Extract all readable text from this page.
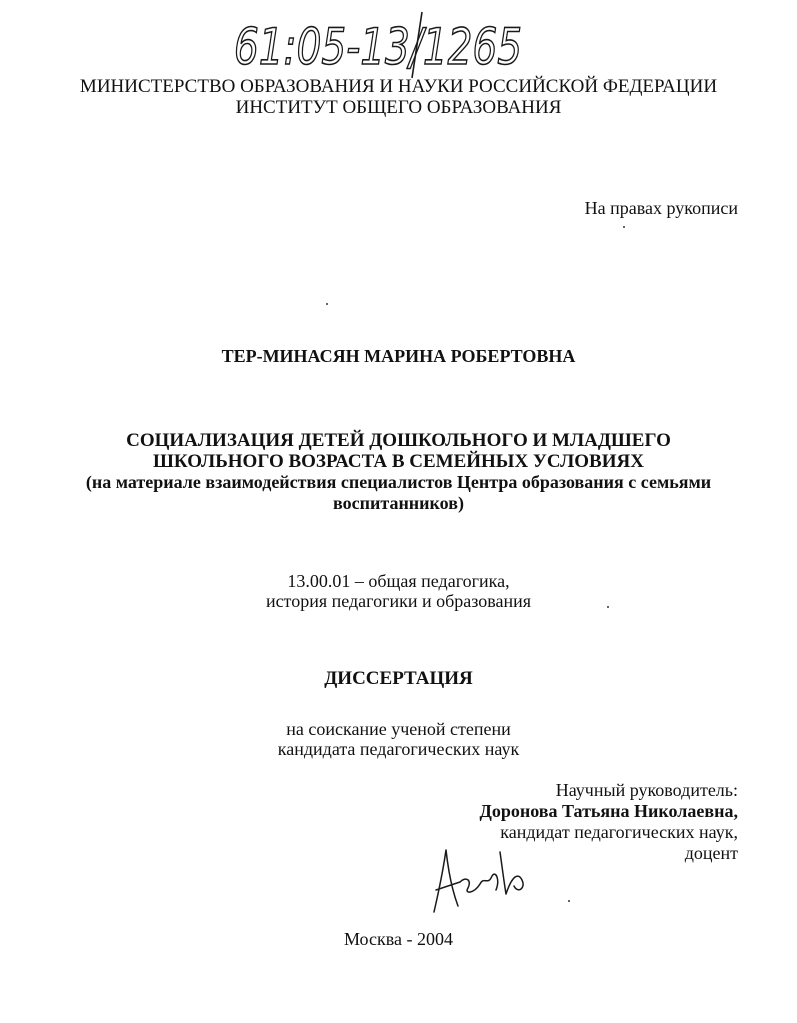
61:05-13/1265
МИНИСТЕРСТВО ОБРАЗОВАНИЯ И НАУКИ РОССИЙСКОЙ ФЕДЕРАЦИИ
ИНСТИТУТ ОБЩЕГО ОБРАЗОВАНИЯ
На правах рукописи
ТЕР-МИНАСЯН МАРИНА РОБЕРТОВНА
СОЦИАЛИЗАЦИЯ ДЕТЕЙ ДОШКОЛЬНОГО И МЛАДШЕГО
ШКОЛЬНОГО ВОЗРАСТА В СЕМЕЙНЫХ УСЛОВИЯХ
(на материале взаимодействия специалистов Центра образования с семьями
воспитанников)
13.00.01 – общая педагогика,
история педагогики и образования
ДИССЕРТАЦИЯ
на соискание ученой степени
кандидата педагогических наук
Научный руководитель:
Доронова Татьяна Николаевна,
кандидат педагогических наук,
доцент
Москва - 2004
